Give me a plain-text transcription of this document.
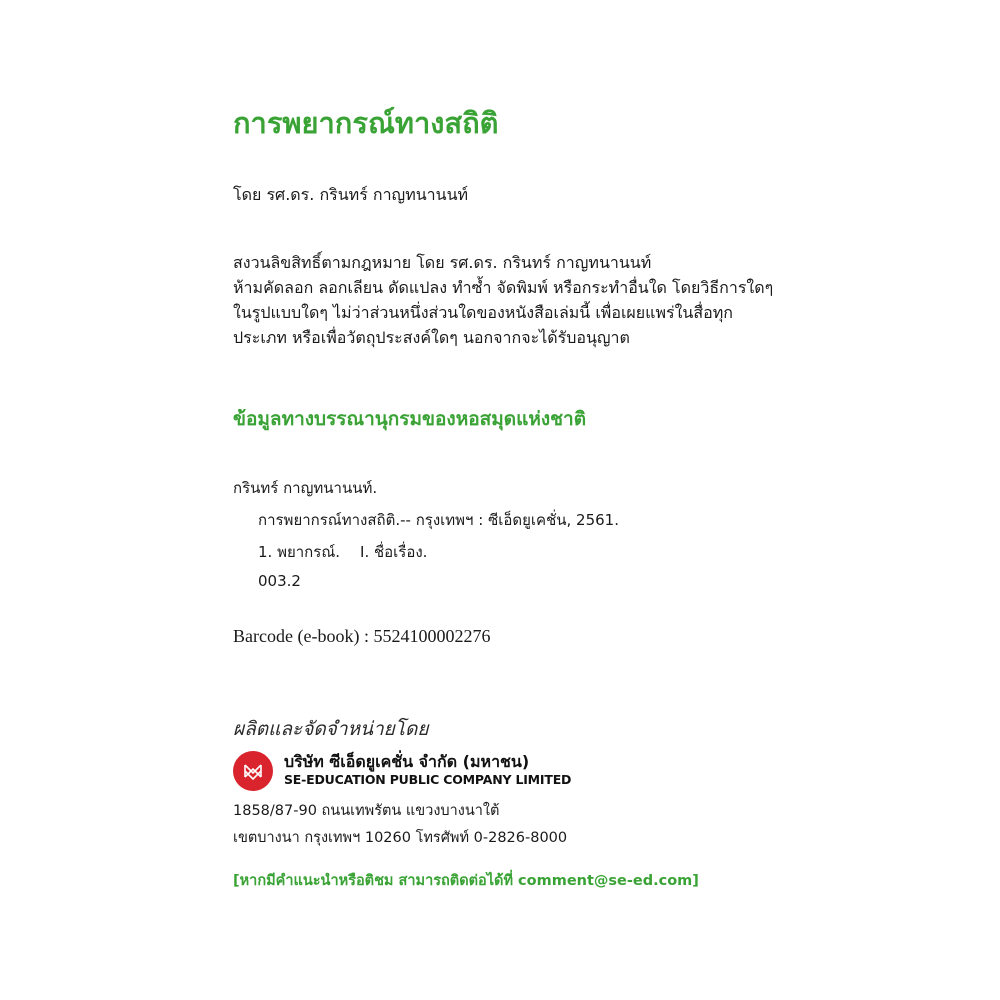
การพยากรณ์ทางสถิติ
โดย รศ.ดร. กรินทร์ กาญทนานนท์
สงวนลิขสิทธิ์ตามกฎหมาย โดย รศ.ดร. กรินทร์ กาญทนานนท์
ห้ามคัดลอก ลอกเลียน ดัดแปลง ทำซ้ำ จัดพิมพ์ หรือกระทำอื่นใด โดยวิธีการใดๆ
ในรูปแบบใดๆ ไม่ว่าส่วนหนึ่งส่วนใดของหนังสือเล่มนี้ เพื่อเผยแพร่ในสื่อทุก
ประเภท หรือเพื่อวัตถุประสงค์ใดๆ นอกจากจะได้รับอนุญาต
ข้อมูลทางบรรณานุกรมของหอสมุดแห่งชาติ
กรินทร์ กาญทนานนท์.
การพยากรณ์ทางสถิติ.-- กรุงเทพฯ : ซีเอ็ดยูเคชั่น, 2561.
1. พยากรณ์. I. ชื่อเรื่อง.
003.2
Barcode (e-book) : 5524100002276
ผลิตและจัดจำหน่ายโดย
บริษัท ซีเอ็ดยูเคชั่น จำกัด (มหาชน)
SE-EDUCATION PUBLIC COMPANY LIMITED
1858/87-90 ถนนเทพรัตน แขวงบางนาใต้
เขตบางนา กรุงเทพฯ 10260 โทรศัพท์ 0-2826-8000
[หากมีคำแนะนำหรือติชม สามารถติดต่อได้ที่ comment@se-ed.com]
